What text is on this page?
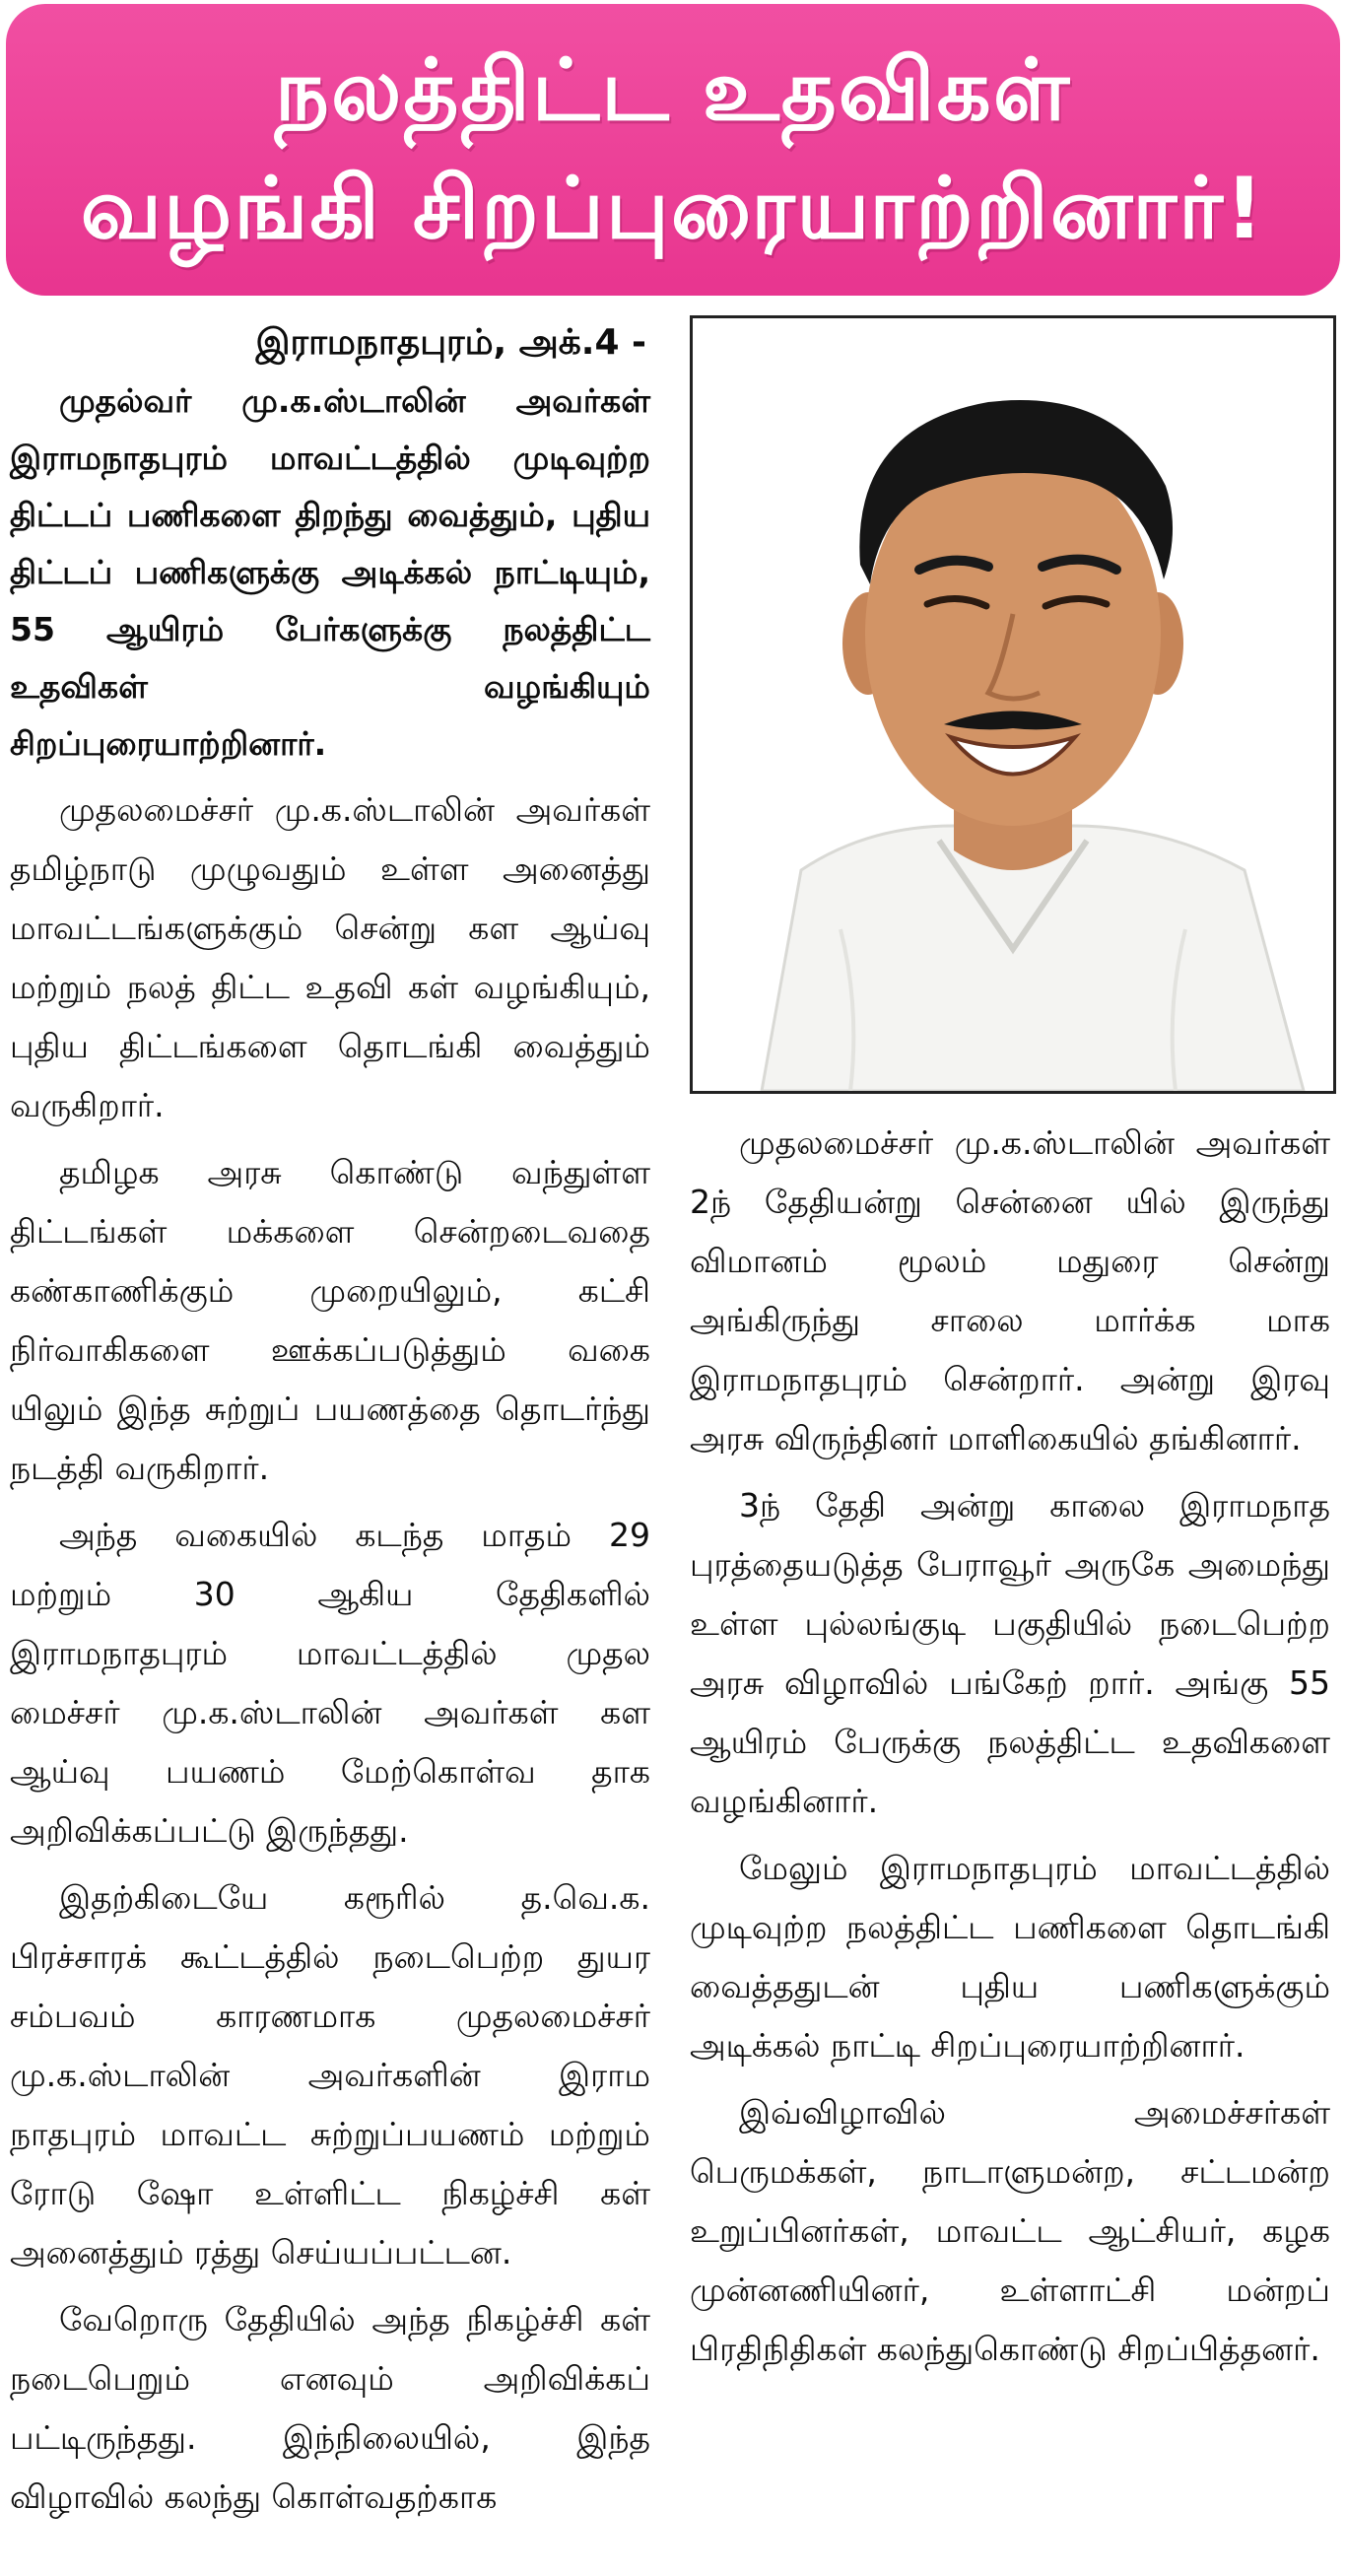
நலத்திட்ட உதவிகள்
வழங்கி சிறப்புரையாற்றினார்!

இராமநாதபுரம், அக்.4 -

முதல்வர் மு.க.ஸ்டாலின் அவர்கள் இராமநாதபுரம் மாவட்டத்தில் முடிவுற்ற திட்டப் பணிகளை திறந்து வைத்தும், புதிய திட்டப் பணிகளுக்கு அடிக்கல் நாட்டியும், 55 ஆயிரம் பேர்களுக்கு நலத்திட்ட உதவிகள் வழங்கியும் சிறப்புரையாற்றினார்.

முதலமைச்சர் மு.க.ஸ்டாலின் அவர்கள் தமிழ்நாடு முழுவதும் உள்ள அனைத்து மாவட்டங்களுக்கும் சென்று கள ஆய்வு மற்றும் நலத் திட்ட உதவி கள் வழங்கியும், புதிய திட்டங்களை தொடங்கி வைத்தும் வருகிறார்.

தமிழக அரசு கொண்டு வந்துள்ள திட்டங்கள் மக்களை சென்றடைவதை கண்காணிக்கும் முறையிலும், கட்சி நிர்வாகிகளை ஊக்கப்படுத்தும் வகை யிலும் இந்த சுற்றுப் பயணத்தை தொடர்ந்து நடத்தி வருகிறார்.

அந்த வகையில் கடந்த மாதம் 29 மற்றும் 30 ஆகிய தேதிகளில் இராமநாதபுரம் மாவட்டத்தில் முதல மைச்சர் மு.க.ஸ்டாலின் அவர்கள் கள ஆய்வு பயணம் மேற்கொள்வ தாக அறிவிக்கப்பட்டு இருந்தது.

இதற்கிடையே கரூரில் த.வெ.க. பிரச்சாரக் கூட்டத்தில் நடைபெற்ற துயர சம்பவம் காரணமாக முதலமைச்சர் மு.க.ஸ்டாலின் அவர்களின் இராம நாதபுரம் மாவட்ட சுற்றுப்பயணம் மற்றும் ரோடு ஷோ உள்ளிட்ட நிகழ்ச்சி கள் அனைத்தும் ரத்து செய்யப்பட்டன.

வேறொரு தேதியில் அந்த நிகழ்ச்சி கள் நடைபெறும் எனவும் அறிவிக்கப் பட்டிருந்தது. இந்நிலையில், இந்த விழாவில் கலந்து கொள்வதற்காக

முதலமைச்சர் மு.க.ஸ்டாலின் அவர்கள் 2ந் தேதியன்று சென்னை யில் இருந்து விமானம் மூலம் மதுரை சென்று அங்கிருந்து சாலை மார்க்க மாக இராமநாதபுரம் சென்றார். அன்று இரவு அரசு விருந்தினர் மாளிகையில் தங்கினார்.

3ந் தேதி அன்று காலை இராமநாத புரத்தையடுத்த பேராவூர் அருகே அமைந்து உள்ள புல்லங்குடி பகுதியில் நடைபெற்ற அரசு விழாவில் பங்கேற் றார். அங்கு 55 ஆயிரம் பேருக்கு நலத்திட்ட உதவிகளை வழங்கினார்.

மேலும் இராமநாதபுரம் மாவட்டத்தில் முடிவுற்ற நலத்திட்ட பணிகளை தொடங்கி வைத்ததுடன் புதிய பணிகளுக்கும் அடிக்கல் நாட்டி சிறப்புரையாற்றினார்.

இவ்விழாவில் அமைச்சர்கள் பெருமக்கள், நாடாளுமன்ற, சட்டமன்ற உறுப்பினர்கள், மாவட்ட ஆட்சியர், கழக முன்னணியினர், உள்ளாட்சி மன்றப் பிரதிநிதிகள் கலந்துகொண்டு சிறப்பித்தனர்.
